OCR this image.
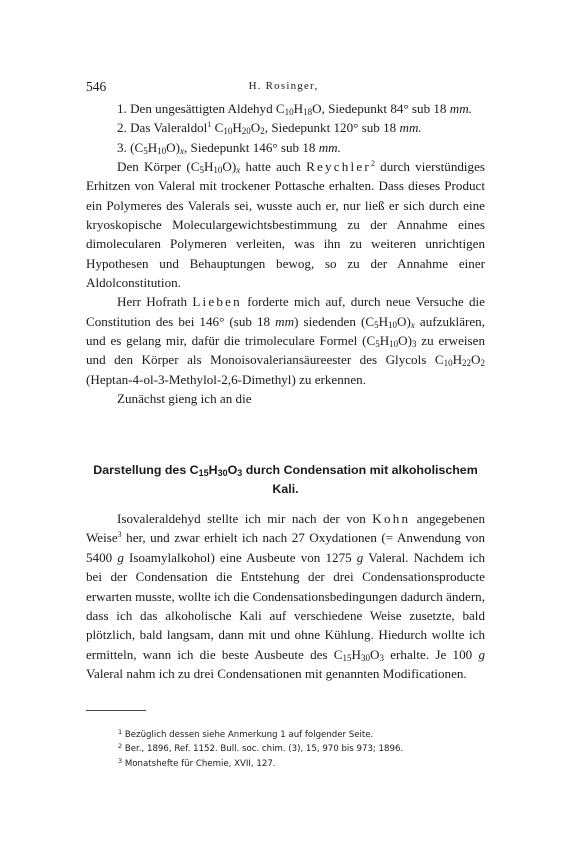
546	H. Rosinger,

1. Den ungesättigten Aldehyd $C_{10}H_{18}O$, Siedepunkt 84° sub 18 mm.

2. Das Valeraldol$^1$ $C_{10}H_{20}O_2$, Siedepunkt 120° sub 18 mm.

3. $(C_5H_{10}O)_x$, Siedepunkt 146° sub 18 mm.

Den Körper $(C_5H_{10}O)_x$ hatte auch Reychler$^2$ durch vierstündiges Erhitzen von Valeral mit trockener Pottasche erhalten. Dass dieses Product ein Polymeres des Valerals sei, wusste auch er, nur ließ er sich durch eine kryoskopische Moleculargewichtsbestimmung zu der Annahme eines dimolecularen Polymeren verleiten, was ihn zu weiteren unrichtigen Hypothesen und Behauptungen bewog, so zu der Annahme einer Aldolconstitution.

Herr Hofrath Lieben forderte mich auf, durch neue Versuche die Constitution des bei 146° (sub 18 mm) siedenden $(C_5H_{10}O)_x$ aufzuklären, und es gelang mir, dafür die trimoleculare Formel $(C_5H_{10}O)_3$ zu erweisen und den Körper als Monoisovaleriansäureester des Glycols $C_{10}H_{22}O_2$ (Heptan-4-ol-3-Methylol-2,6-Dimethyl) zu erkennen.

Zunächst gieng ich an die

Darstellung des $C_{15}H_{30}O_3$ durch Condensation mit alkoholischem Kali.

Isovaleraldehyd stellte ich mir nach der von Kohn angegebenen Weise$^3$ her, und zwar erhielt ich nach 27 Oxydationen (= Anwendung von 5400 g Isoamylalkohol) eine Ausbeute von 1275 g Valeral. Nachdem ich bei der Condensation die Entstehung der drei Condensationsproducte erwarten musste, wollte ich die Condensationsbedingungen dadurch ändern, dass ich das alkoholische Kali auf verschiedene Weise zusetzte, bald plötzlich, bald langsam, dann mit und ohne Kühlung. Hiedurch wollte ich ermitteln, wann ich die beste Ausbeute des $C_{15}H_{30}O_3$ erhalte. Je 100 g Valeral nahm ich zu drei Condensationen mit genannten Modificationen.

$^1$ Bezüglich dessen siehe Anmerkung 1 auf folgender Seite.
$^2$ Ber., 1896, Ref. 1152. Bull. soc. chim. (3), 15, 970 bis 973; 1896.
$^3$ Monatshefte für Chemie, XVII, 127.
